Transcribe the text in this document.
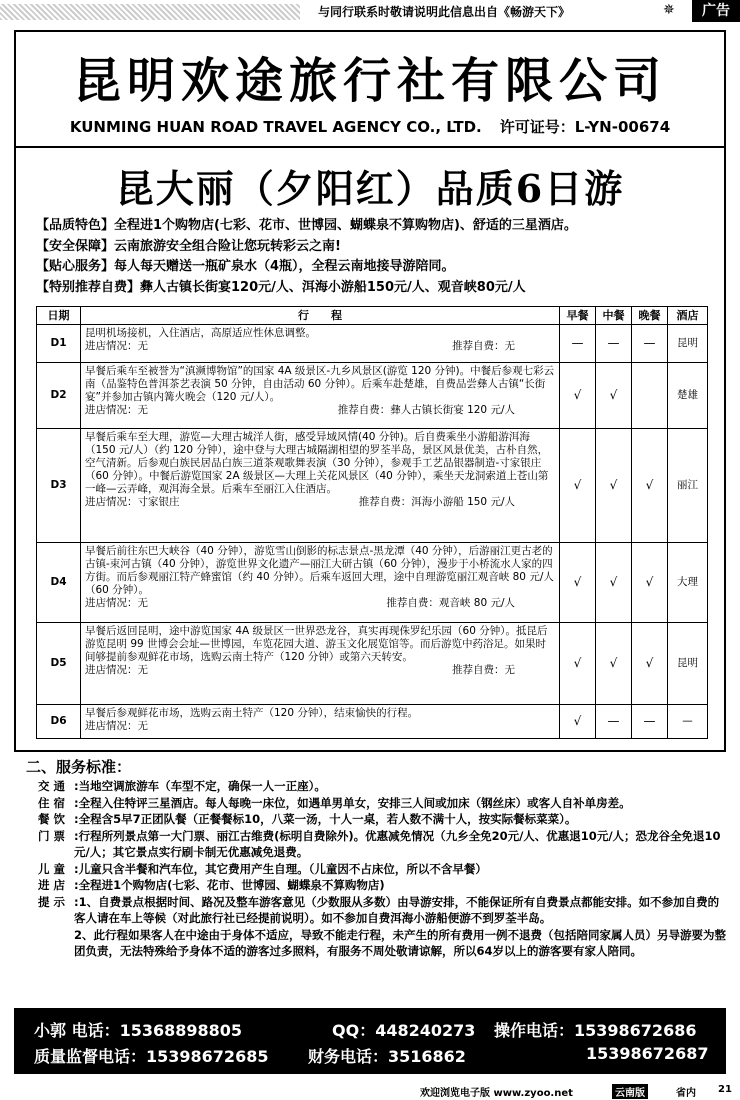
与同行联系时敬请说明此信息出自《畅游天下》	✵	广告
昆明欢途旅行社有限公司
KUNMING HUAN ROAD TRAVEL AGENCY CO., LTD. 许可证号：L-YN-00674
昆大丽（夕阳红）品质6日游
【品质特色】全程进1个购物店(七彩、花市、世博园、蝴蝶泉不算购物店)、舒适的三星酒店。
【安全保障】云南旅游安全组合险让您玩转彩云之南!
【贴心服务】每人每天赠送一瓶矿泉水（4瓶），全程云南地接导游陪同。
【特别推荐自费】彝人古镇长街宴120元/人、洱海小游船150元/人、观音峡80元/人
日期	行　　程	早餐	中餐	晚餐	酒店
D1	昆明机场接机，入住酒店，高原适应性休息调整。
进店情况：无 推荐自费：无	—	—	—	昆明
D2	早餐后乘车至被誉为“滇濒博物馆”的国家 4A 级景区-九乡风景区(游览 120 分钟)。中餐后参观七彩云南（品鉴特色普洱茶艺表演 50 分钟，自由活动 60 分钟）。后乘车赴楚雄，自费品尝彝人古镇“长街宴”并参加古镇内篝火晚会（120 元/人）。
进店情况：无 推荐自费：彝人古镇长街宴 120 元/人	√	√		楚雄
D3	早餐后乘车至大理，游览—大理古城洋人街，感受异域风情(40 分钟)。后自费乘坐小游船游洱海（150 元/人）（约 120 分钟），途中登与大理古城隔湖相望的罗荃半岛，景区风景优美，古朴自然，空气清新。后参观白族民居品白族三道茶观歌舞表演（30 分钟），参观手工艺品银器制造-寸家银庄（60 分钟）。中餐后游览国家 2A 级景区—大理上关花风景区（40 分钟），乘坐天龙洞索道上苍山第一峰—云弄峰，观洱海全景。后乘车至丽江入住酒店。
进店情况：寸家银庄 推荐自费：洱海小游船 150 元/人	√	√	√	丽江
D4	早餐后前往东巴大峡谷（40 分钟），游览雪山倒影的标志景点-黑龙潭（40 分钟），后游丽江更古老的古镇-束河古镇（40 分钟），游览世界文化遗产—丽江大研古镇（60 分钟），漫步于小桥流水人家的四方街。而后参观丽江特产蜂蜜馆（约 40 分钟）。后乘车返回大理，途中自理游览丽江观音峡 80 元/人（60 分钟）。
进店情况：无 推荐自费：观音峡 80 元/人	√	√	√	大理
D5	早餐后返回昆明，途中游览国家 4A 级景区一世界恐龙谷，真实再现侏罗纪乐园（60 分钟）。抵昆后游览昆明 99 世博会会址—世博园，车览花园大道、游玉文化展览馆等。而后游览中药浴足。如果时间够提前参观鲜花市场，选购云南土特产（120 分钟）或第六天转安。
进店情况：无 推荐自费：无	√	√	√	昆明
D6	早餐后参观鲜花市场，选购云南土特产（120 分钟），结束愉快的行程。
进店情况：无	√	—	—	—
二、服务标准：
交 通 :当地空调旅游车（车型不定，确保一人一正座）。
住 宿 :全程入住特评三星酒店。每人每晚一床位，如遇单男单女，安排三人间或加床（钢丝床）或客人自补单房差。
餐 饮 :全程含5早7正团队餐（正餐餐标10，八菜一汤，十人一桌，若人数不满十人，按实际餐标菜菜）。
门 票 :行程所列景点第一大门票、丽江古维费(标明自费除外)。优惠减免情况（九乡全免20元/人、优惠退10元/人；恐龙谷全免退10元/人；其它景点实行刷卡制无优惠减免退费。
儿 童 :儿童只含半餐和汽车位，其它费用产生自理。（儿童因不占床位，所以不含早餐）
进 店 :全程进1个购物店(七彩、花市、世博园、蝴蝶泉不算购物店)
提 示 :1、自费景点根据时间、路况及整车游客意见（少数服从多数）由导游安排，不能保证所有自费景点都能安排。如不参加自费的客人请在车上等候（对此旅行社已经提前说明）。如不参加自费洱海小游船便游不到罗荃半岛。
2、此行程如果客人在中途由于身体不适应，导致不能走行程，未产生的所有费用一例不退费（包括陪同家属人员）另导游要为整团负责，无法特殊给予身体不适的游客过多照料，有服务不周处敬请谅解，所以64岁以上的游客要有家人陪同。
小郭 电话：15368898805	QQ：448240273 操作电话：15398672686
质量监督电话：15398672685 财务电话：3516862	15398672687
欢迎浏览电子版 www.zyoo.net	云南版	省内 21
